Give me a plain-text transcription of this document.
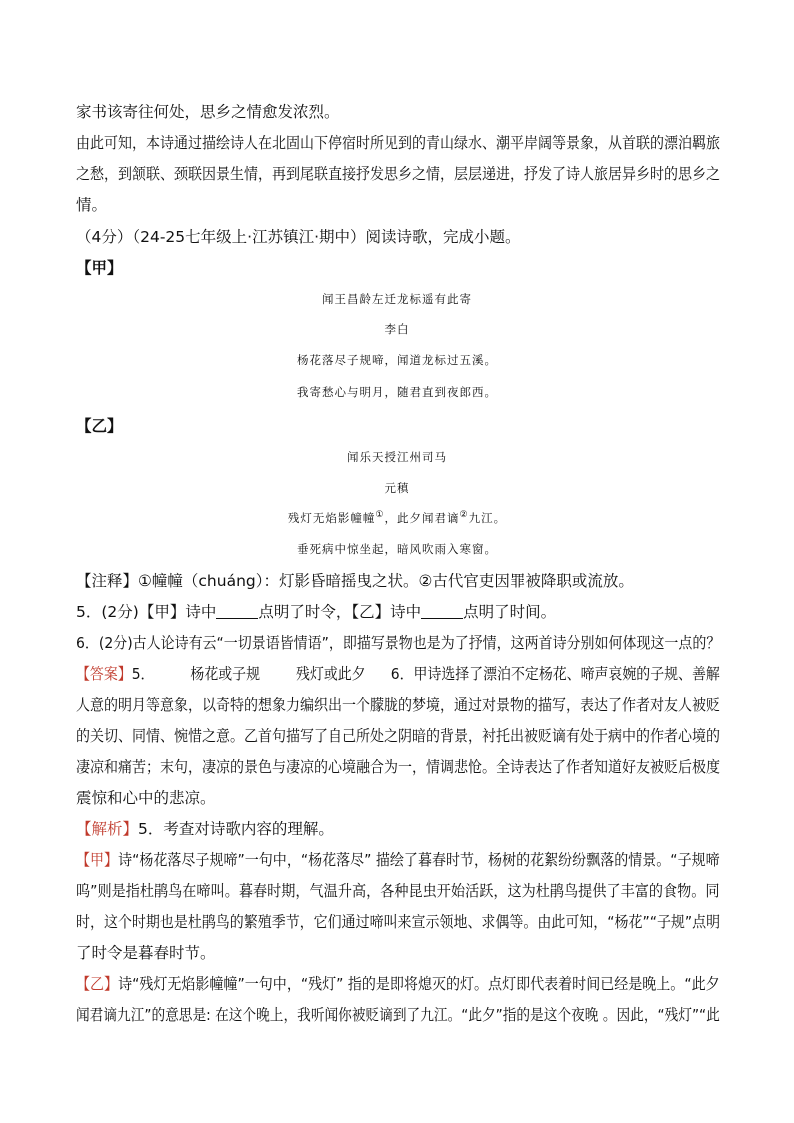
家书该寄往何处，思乡之情愈发浓烈。
由此可知，本诗通过描绘诗人在北固山下停宿时所见到的青山绿水、潮平岸阔等景象，从首联的漂泊羁旅
之愁，到颔联、颈联因景生情，再到尾联直接抒发思乡之情，层层递进，抒发了诗人旅居异乡时的思乡之
情。
（4分）（24-25七年级上·江苏镇江·期中）阅读诗歌，完成小题。
【甲】
闻王昌龄左迁龙标遥有此寄
李白
杨花落尽子规啼，闻道龙标过五溪。
我寄愁心与明月，随君直到夜郎西。
【乙】
闻乐天授江州司马
元稹
残灯无焰影幢幢①，此夕闻君谪②九江。
垂死病中惊坐起，暗风吹雨入寒窗。
【注释】①幢幢（chuáng）：灯影昏暗摇曳之状。②古代官吏因罪被降职或流放。
5．(2分)【甲】诗中	点明了时令，【乙】诗中	点明了时间。
6．(2分)古人论诗有云“一切景语皆情语”，即描写景物也是为了抒情，这两首诗分别如何体现这一点的？
【答案】5． 杨花或子规 残灯或此夕 6．甲诗选择了漂泊不定杨花、啼声哀婉的子规、善解
人意的明月等意象，以奇特的想象力编织出一个朦胧的梦境，通过对景物的描写，表达了作者对友人被贬
的关切、同情、惋惜之意。乙首句描写了自己所处之阴暗的背景，衬托出被贬谪有处于病中的作者心境的
凄凉和痛苦；末句，凄凉的景色与凄凉的心境融合为一，情调悲怆。全诗表达了作者知道好友被贬后极度
震惊和心中的悲凉。
【解析】5．考查对诗歌内容的理解。
【甲】诗“杨花落尽子规啼”一句中，“杨花落尽” 描绘了暮春时节，杨树的花絮纷纷飘落的情景。“子规啼
呜”则是指杜鹃鸟在啼叫。暮春时期，气温升高，各种昆虫开始活跃，这为杜鹃鸟提供了丰富的食物。同
时，这个时期也是杜鹃鸟的繁殖季节，它们通过啼叫来宣示领地、求偶等。由此可知，“杨花”“子规”点明
了时令是暮春时节。
【乙】诗“残灯无焰影幢幢”一句中，“残灯” 指的是即将熄灭的灯。点灯即代表着时间已经是晚上。“此夕
闻君谪九江”的意思是: 在这个晚上，我听闻你被贬谪到了九江。“此夕”指的是这个夜晚 。因此，“残灯”“此
